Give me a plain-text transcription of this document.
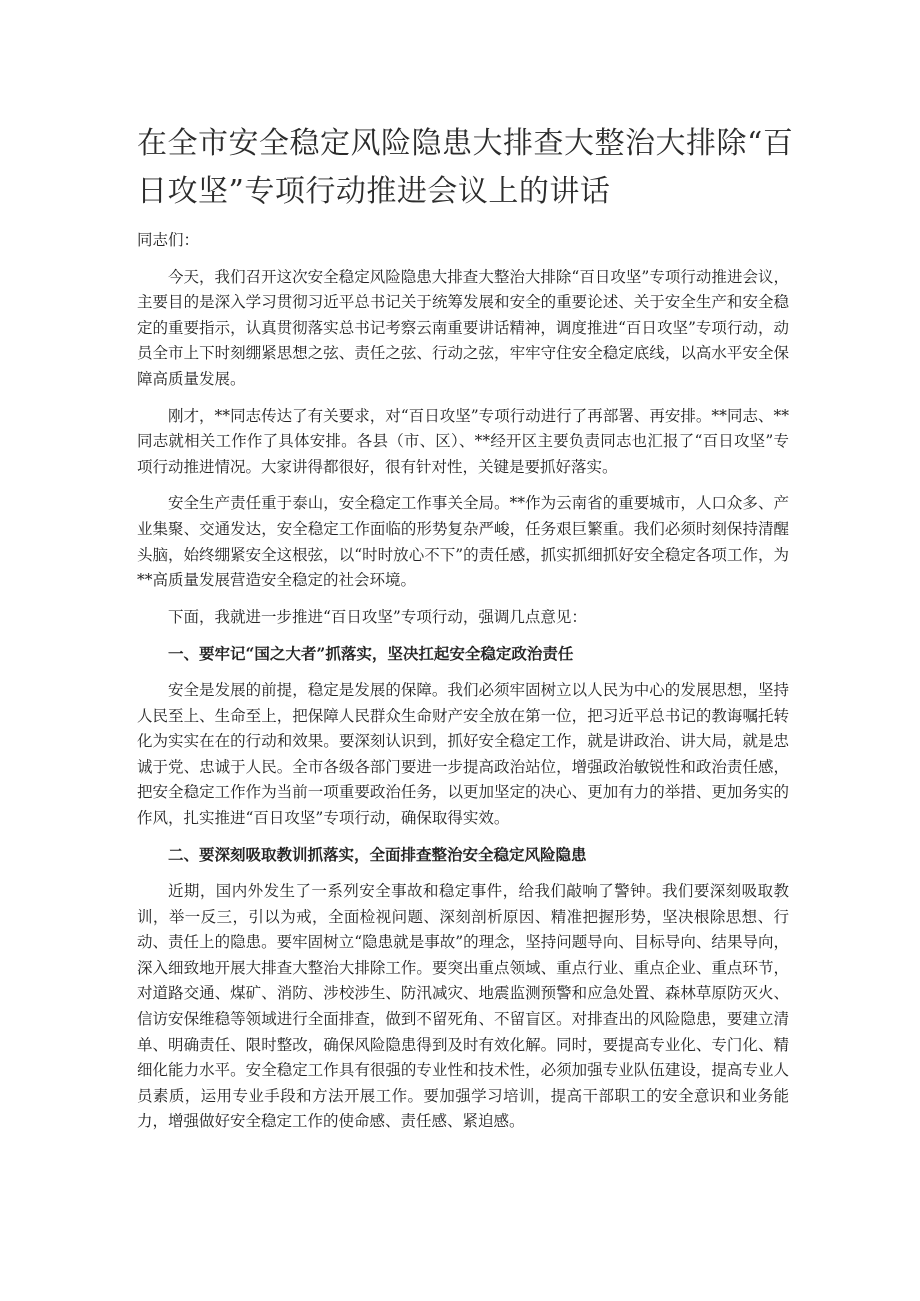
在全市安全稳定风险隐患大排查大整治大排除“百日攻坚”专项行动推进会议上的讲话

同志们：

今天，我们召开这次安全稳定风险隐患大排查大整治大排除“百日攻坚”专项行动推进会议，主要目的是深入学习贯彻习近平总书记关于统筹发展和安全的重要论述、关于安全生产和安全稳定的重要指示，认真贯彻落实总书记考察云南重要讲话精神，调度推进“百日攻坚”专项行动，动员全市上下时刻绷紧思想之弦、责任之弦、行动之弦，牢牢守住安全稳定底线，以高水平安全保障高质量发展。

刚才，**同志传达了有关要求，对“百日攻坚”专项行动进行了再部署、再安排。**同志、**同志就相关工作作了具体安排。各县（市、区）、**经开区主要负责同志也汇报了“百日攻坚”专项行动推进情况。大家讲得都很好，很有针对性，关键是要抓好落实。

安全生产责任重于泰山，安全稳定工作事关全局。**作为云南省的重要城市，人口众多、产业集聚、交通发达，安全稳定工作面临的形势复杂严峻，任务艰巨繁重。我们必须时刻保持清醒头脑，始终绷紧安全这根弦，以“时时放心不下”的责任感，抓实抓细抓好安全稳定各项工作，为**高质量发展营造安全稳定的社会环境。

下面，我就进一步推进“百日攻坚”专项行动，强调几点意见：

一、要牢记“国之大者”抓落实，坚决扛起安全稳定政治责任

安全是发展的前提，稳定是发展的保障。我们必须牢固树立以人民为中心的发展思想，坚持人民至上、生命至上，把保障人民群众生命财产安全放在第一位，把习近平总书记的教诲嘱托转化为实实在在的行动和效果。要深刻认识到，抓好安全稳定工作，就是讲政治、讲大局，就是忠诚于党、忠诚于人民。全市各级各部门要进一步提高政治站位，增强政治敏锐性和政治责任感，把安全稳定工作作为当前一项重要政治任务，以更加坚定的决心、更加有力的举措、更加务实的作风，扎实推进“百日攻坚”专项行动，确保取得实效。

二、要深刻吸取教训抓落实，全面排查整治安全稳定风险隐患

近期，国内外发生了一系列安全事故和稳定事件，给我们敲响了警钟。我们要深刻吸取教训，举一反三，引以为戒，全面检视问题、深刻剖析原因、精准把握形势，坚决根除思想、行动、责任上的隐患。要牢固树立“隐患就是事故”的理念，坚持问题导向、目标导向、结果导向，深入细致地开展大排查大整治大排除工作。要突出重点领域、重点行业、重点企业、重点环节，对道路交通、煤矿、消防、涉校涉生、防汛减灾、地震监测预警和应急处置、森林草原防灭火、信访安保维稳等领域进行全面排查，做到不留死角、不留盲区。对排查出的风险隐患，要建立清单、明确责任、限时整改，确保风险隐患得到及时有效化解。同时，要提高专业化、专门化、精细化能力水平。安全稳定工作具有很强的专业性和技术性，必须加强专业队伍建设，提高专业人员素质，运用专业手段和方法开展工作。要加强学习培训，提高干部职工的安全意识和业务能力，增强做好安全稳定工作的使命感、责任感、紧迫感。
